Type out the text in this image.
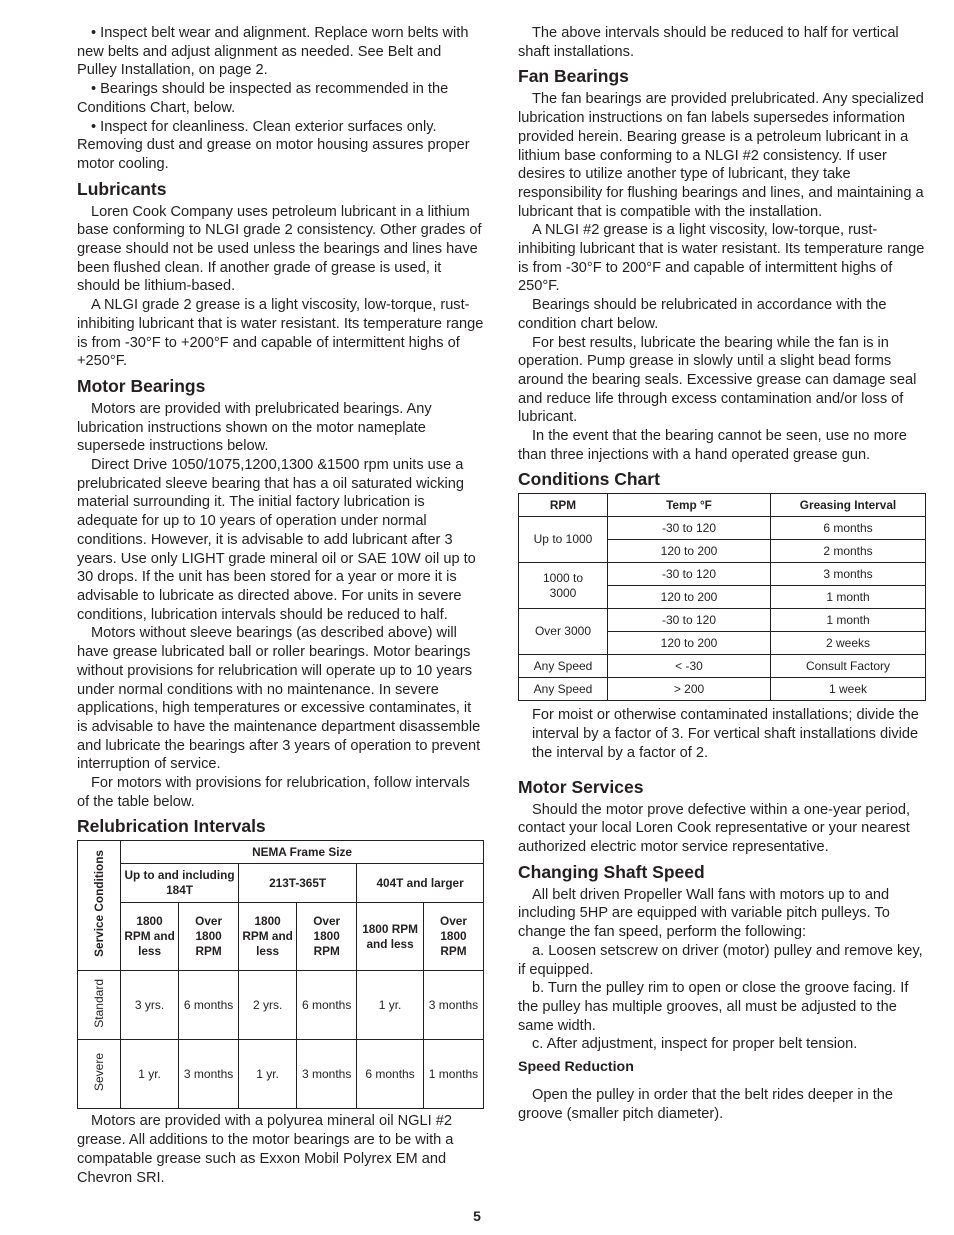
• Inspect belt wear and alignment. Replace worn belts with new belts and adjust alignment as needed. See Belt and Pulley Installation, on page 2.

• Bearings should be inspected as recommended in the Conditions Chart, below.

• Inspect for cleanliness. Clean exterior surfaces only. Removing dust and grease on motor housing assures proper motor cooling.

Lubricants

Loren Cook Company uses petroleum lubricant in a lithium base conforming to NLGI grade 2 consistency. Other grades of grease should not be used unless the bearings and lines have been flushed clean. If another grade of grease is used, it should be lithium-based.

A NLGI grade 2 grease is a light viscosity, low-torque, rust-inhibiting lubricant that is water resistant. Its temperature range is from -30°F to +200°F and capable of intermittent highs of +250°F.

Motor Bearings

Motors are provided with prelubricated bearings. Any lubrication instructions shown on the motor nameplate supersede instructions below.

Direct Drive 1050/1075,1200,1300 &1500 rpm units use a prelubricated sleeve bearing that has a oil saturated wicking material surrounding it. The initial factory lubrication is adequate for up to 10 years of operation under normal conditions. However, it is advisable to add lubricant after 3 years. Use only LIGHT grade mineral oil or SAE 10W oil up to 30 drops. If the unit has been stored for a year or more it is advisable to lubricate as directed above. For units in severe conditions, lubrication intervals should be reduced to half.

Motors without sleeve bearings (as described above) will have grease lubricated ball or roller bearings. Motor bearings without provisions for relubrication will operate up to 10 years under normal conditions with no maintenance. In severe applications, high temperatures or excessive contaminates, it is advisable to have the maintenance department disassemble and lubricate the bearings after 3 years of operation to prevent interruption of service.

For motors with provisions for relubrication, follow intervals of the table below.

Relubrication Intervals
Service Conditions	NEMA Frame Size					
	Up to and including 184T		213T-365T		404T and larger	
	1800 RPM and less	Over 1800 RPM	1800 RPM and less	Over 1800 RPM	1800 RPM and less	Over 1800 RPM
Standard	3 yrs.	6 months	2 yrs.	6 months	1 yr.	3 months
Severe	1 yr.	3 months	1 yr.	3 months	6 months	1 months

Motors are provided with a polyurea mineral oil NGLI #2 grease. All additions to the motor bearings are to be with a compatable grease such as Exxon Mobil Polyrex EM and Chevron SRI.

The above intervals should be reduced to half for vertical shaft installations.

Fan Bearings

The fan bearings are provided prelubricated. Any specialized lubrication instructions on fan labels supersedes information provided herein. Bearing grease is a petroleum lubricant in a lithium base conforming to a NLGI #2 consistency. If user desires to utilize another type of lubricant, they take responsibility for flushing bearings and lines, and maintaining a lubricant that is compatible with the installation.

A NLGI #2 grease is a light viscosity, low-torque, rust-inhibiting lubricant that is water resistant. Its temperature range is from -30°F to 200°F and capable of intermittent highs of 250°F.

Bearings should be relubricated in accordance with the condition chart below.

For best results, lubricate the bearing while the fan is in operation. Pump grease in slowly until a slight bead forms around the bearing seals. Excessive grease can damage seal and reduce life through excess contamination and/or loss of lubricant.

In the event that the bearing cannot be seen, use no more than three injections with a hand operated grease gun.

Conditions Chart
RPM	Temp °F	Greasing Interval
Up to 1000	-30 to 120	6 months
	120 to 200	2 months
1000 to 3000	-30 to 120	3 months
	120 to 200	1 month
Over 3000	-30 to 120	1 month
	120 to 200	2 weeks
Any Speed	< -30	Consult Factory
Any Speed	> 200	1 week

For moist or otherwise contaminated installations; divide the interval by a factor of 3. For vertical shaft installations divide the interval by a factor of 2.

Motor Services

Should the motor prove defective within a one-year period, contact your local Loren Cook representative or your nearest authorized electric motor service representative.

Changing Shaft Speed

All belt driven Propeller Wall fans with motors up to and including 5HP are equipped with variable pitch pulleys. To change the fan speed, perform the following:

a. Loosen setscrew on driver (motor) pulley and remove key, if equipped.

b. Turn the pulley rim to open or close the groove facing. If the pulley has multiple grooves, all must be adjusted to the same width.

c. After adjustment, inspect for proper belt tension.

Speed Reduction

Open the pulley in order that the belt rides deeper in the groove (smaller pitch diameter).

5
